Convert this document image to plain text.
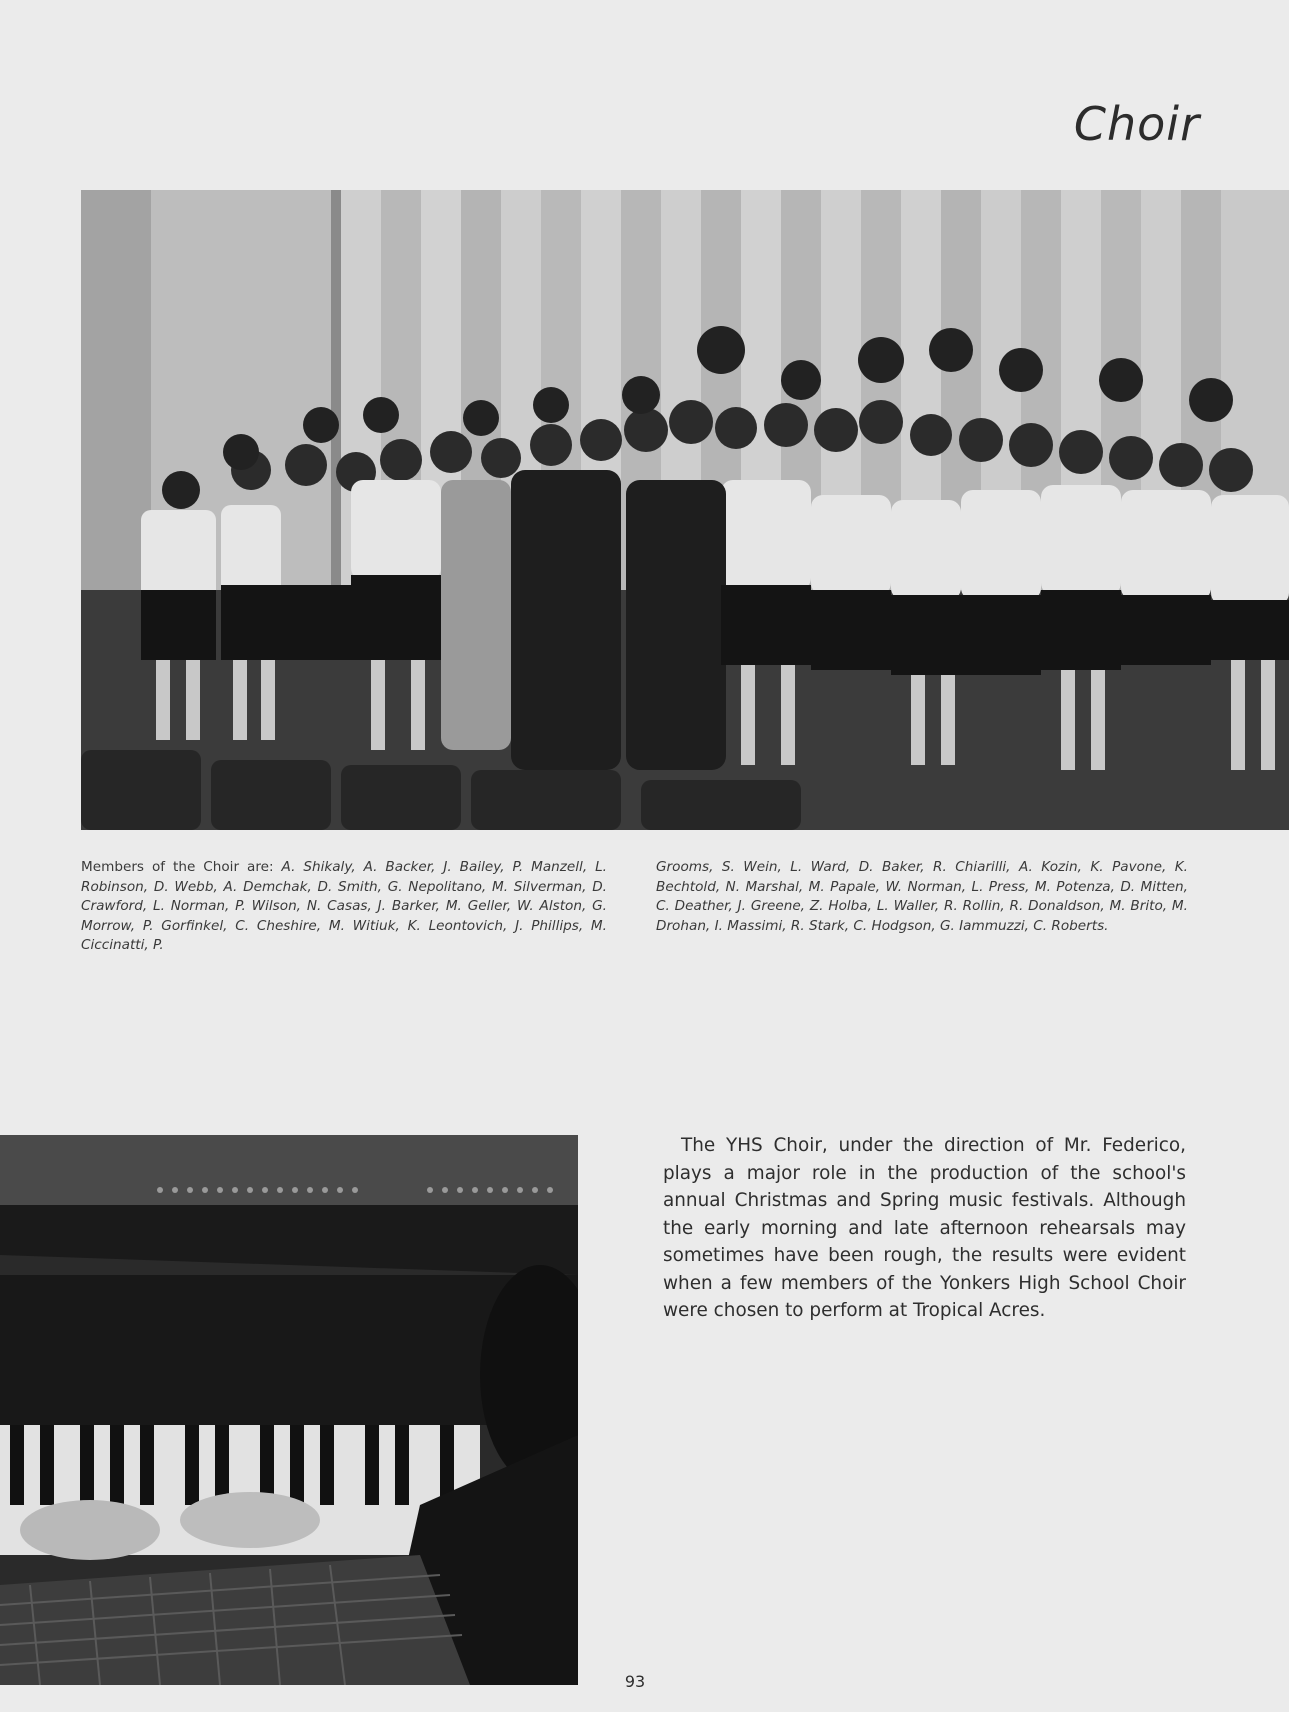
Choir
Members of the Choir are: A. Shikaly, A. Backer, J. Bailey, P. Manzell, L. Robinson, D. Webb, A. Demchak, D. Smith, G. Nepolitano, M. Silverman, D. Crawford, L. Norman, P. Wilson, N. Casas, J. Barker, M. Geller, W. Alston, G. Morrow, P. Gorfinkel, C. Cheshire, M. Witiuk, K. Leontovich, J. Phillips, M. Ciccinatti, P.
Grooms, S. Wein, L. Ward, D. Baker, R. Chiarilli, A. Kozin, K. Pavone, K. Bechtold, N. Marshal, M. Papale, W. Norman, L. Press, M. Potenza, D. Mitten, C. Deather, J. Greene, Z. Holba, L. Waller, R. Rollin, R. Donaldson, M. Brito, M. Drohan, I. Massimi, R. Stark, C. Hodgson, G. Iammuzzi, C. Roberts.

The YHS Choir, under the direction of Mr. Federico, plays a major role in the production of the school's annual Christmas and Spring music festivals. Although the early morning and late afternoon rehearsals may sometimes have been rough, the results were evident when a few members of the Yonkers High School Choir were chosen to perform at Tropical Acres.

93
